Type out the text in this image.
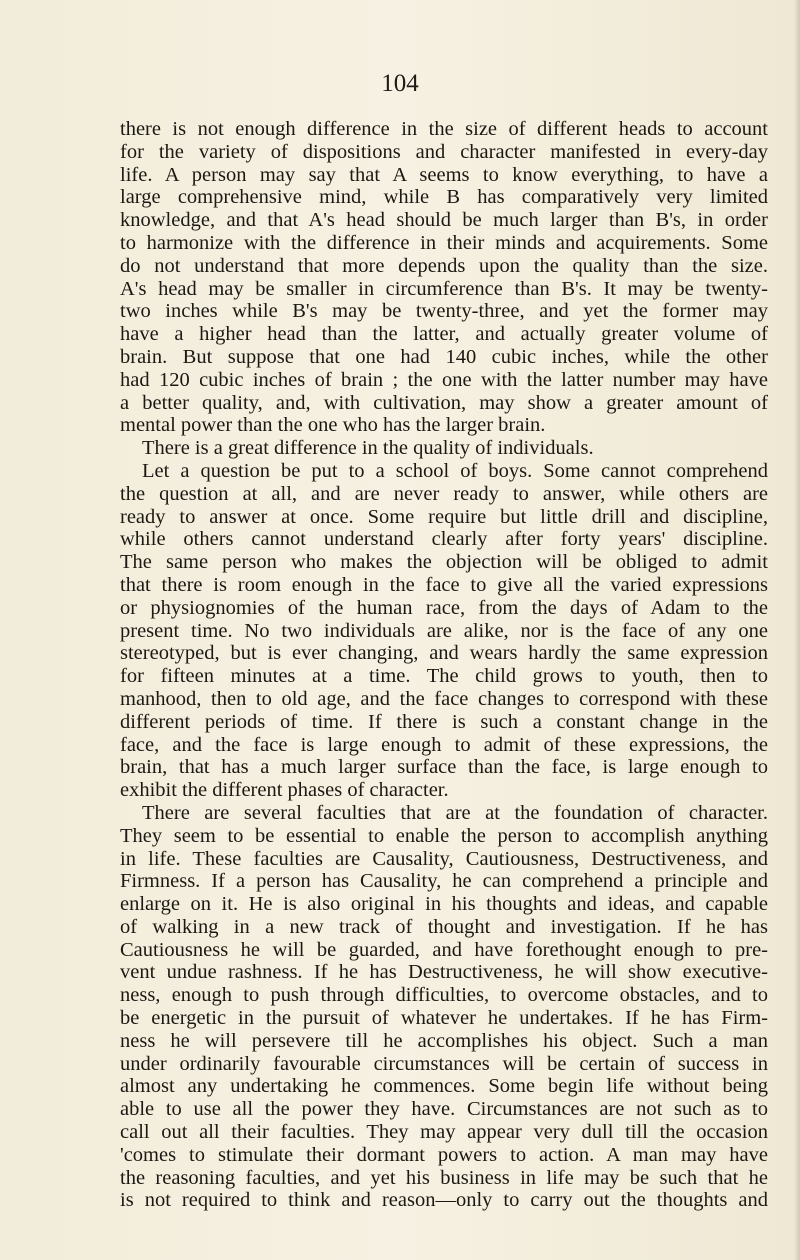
104
there is not enough difference in the size of different heads to account
for the variety of dispositions and character manifested in every-day
life. A person may say that A seems to know everything, to have a
large comprehensive mind, while B has comparatively very limited
knowledge, and that A's head should be much larger than B's, in order
to harmonize with the difference in their minds and acquirements. Some
do not understand that more depends upon the quality than the size.
A's head may be smaller in circumference than B's. It may be twenty-
two inches while B's may be twenty-three, and yet the former may
have a higher head than the latter, and actually greater volume of
brain. But suppose that one had 140 cubic inches, while the other
had 120 cubic inches of brain ; the one with the latter number may have
a better quality, and, with cultivation, may show a greater amount of
mental power than the one who has the larger brain.
There is a great difference in the quality of individuals.
Let a question be put to a school of boys. Some cannot comprehend
the question at all, and are never ready to answer, while others are
ready to answer at once. Some require but little drill and discipline,
while others cannot understand clearly after forty years' discipline.
The same person who makes the objection will be obliged to admit
that there is room enough in the face to give all the varied expressions
or physiognomies of the human race, from the days of Adam to the
present time. No two individuals are alike, nor is the face of any one
stereotyped, but is ever changing, and wears hardly the same expression
for fifteen minutes at a time. The child grows to youth, then to
manhood, then to old age, and the face changes to correspond with these
different periods of time. If there is such a constant change in the
face, and the face is large enough to admit of these expressions, the
brain, that has a much larger surface than the face, is large enough to
exhibit the different phases of character.
There are several faculties that are at the foundation of character.
They seem to be essential to enable the person to accomplish anything
in life. These faculties are Causality, Cautiousness, Destructiveness, and
Firmness. If a person has Causality, he can comprehend a principle and
enlarge on it. He is also original in his thoughts and ideas, and capable
of walking in a new track of thought and investigation. If he has
Cautiousness he will be guarded, and have forethought enough to pre-
vent undue rashness. If he has Destructiveness, he will show executive-
ness, enough to push through difficulties, to overcome obstacles, and to
be energetic in the pursuit of whatever he undertakes. If he has Firm-
ness he will persevere till he accomplishes his object. Such a man
under ordinarily favourable circumstances will be certain of success in
almost any undertaking he commences. Some begin life without being
able to use all the power they have. Circumstances are not such as to
call out all their faculties. They may appear very dull till the occasion
'comes to stimulate their dormant powers to action. A man may have
the reasoning faculties, and yet his business in life may be such that he
is not required to think and reason—only to carry out the thoughts and
